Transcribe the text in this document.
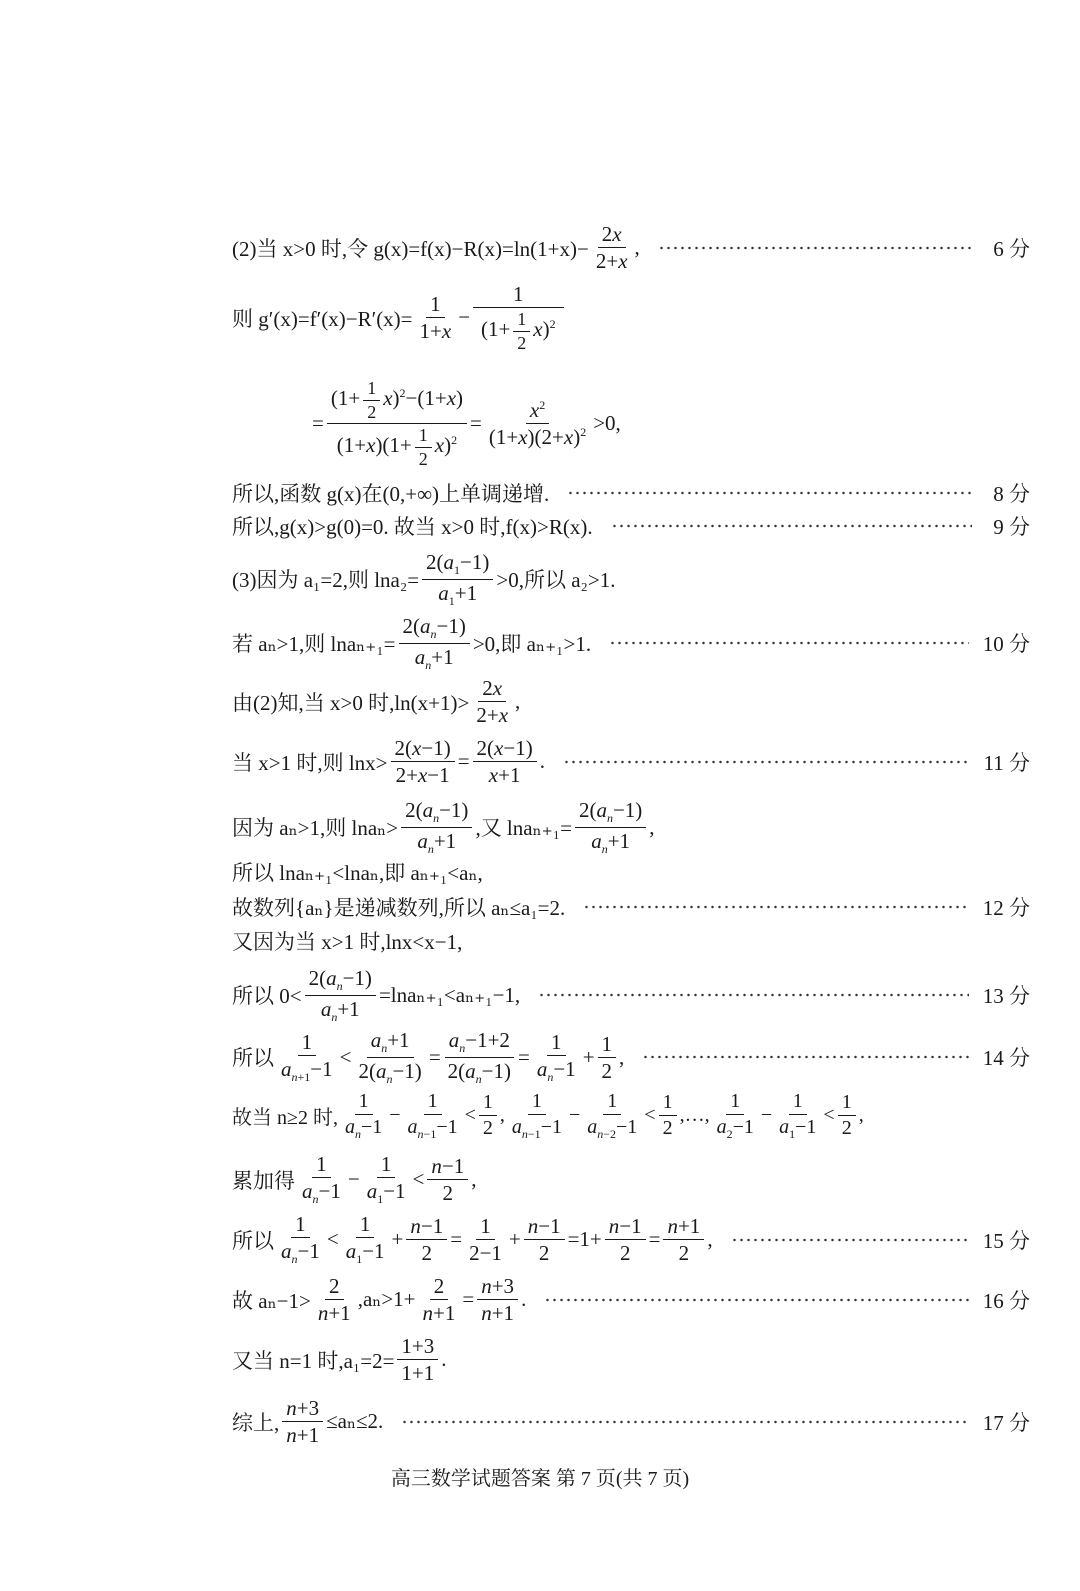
(2)当
x>0 时,令 $g(x)=f(x)-R(x)=\ln(1+x)- \frac{2x}{2+x}$ ,	6 分
则 $g'(x)=f'(x)-R'(x)= \frac{1}{1+x} - \frac{1}{(1+ \frac{1}{2} x)^2}$
= $\frac{(1+ \frac{1}{2} x)^2-(1+x)}{(1+x)(1+ \frac{1}{2} x)^2} = \frac{x^2}{(1+x)(2+x)^2} >0$,
所以,函数 g(x)在(0,+∞)上单调递增.	8 分
所以,g(x)>g(0)=0. 故当 x>0 时,f(x)>R(x).	9 分
(3)因为 a₁=2,则 $\ln a_2= \frac{2(a_1-1)}{a_1+1} >0$,所以 a₂>1.
若 aₙ>1,则 $\ln a_{n+1}= \frac{2(a_n-1)}{a_n+1} >0$,即 aₙ₊₁>1.	10 分
由(2)知,当 x>0 时$,\ln(x+1)> \frac{2x}{2+x}$ ,
当 x>1 时,则 $\ln x> \frac{2(x-1)}{2+x-1} = \frac{2(x-1)}{x+1}$ .	11 分
因为 aₙ>1,则 $\ln a_n> \frac{2(a_n-1)}{a_n+1}$ ,又 $\ln a_{n+1}= \frac{2(a_n-1)}{a_n+1}$ ,
所以 lnaₙ₊₁<lnaₙ,即 aₙ₊₁<aₙ,
故数列{aₙ}是递减数列,所以 aₙ≤a₁=2.	12 分
又因为当 x>1 时,lnx<x−1,
所以 $0< \frac{2(a_n-1)}{a_n+1} =\ln a_{n+1}<a_{n+1}-1$,	13 分
所以 $\frac{1}{a_{n+1}-1} < \frac{a_n+1}{2(a_n-1)} = \frac{a_n-1+2}{2(a_n-1)} = \frac{1}{a_n-1} + \frac{1}{2}$ ,	14 分
故当 n≥2 时, $\frac{1}{a_n-1} - \frac{1}{a_{n-1}-1} < \frac{1}{2}$ , $\frac{1}{a_{n-1}-1} - \frac{1}{a_{n-2}-1} < \frac{1}{2}$ ,…, $\frac{1}{a_2-1} - \frac{1}{a_1-1} < \frac{1}{2}$ ,
累加得 $\frac{1}{a_n-1} - \frac{1}{a_1-1} < \frac{n-1}{2}$ ,
所以 $\frac{1}{a_n-1} < \frac{1}{a_1-1} + \frac{n-1}{2} = \frac{1}{2-1} + \frac{n-1}{2} =1+ \frac{n-1}{2} = \frac{n+1}{2}$ ,	15 分
故 $a_n-1> \frac{2}{n+1} ,a_n>1+ \frac{2}{n+1} = \frac{n+3}{n+1}$ .	16 分
又当 n=1 时$,a_1=2= \frac{1+3}{1+1}$ .
综上, $\frac{n+3}{n+1} \le a_n\le 2$.	17 分
高三数学试题答案 第 7 页(共 7 页)
